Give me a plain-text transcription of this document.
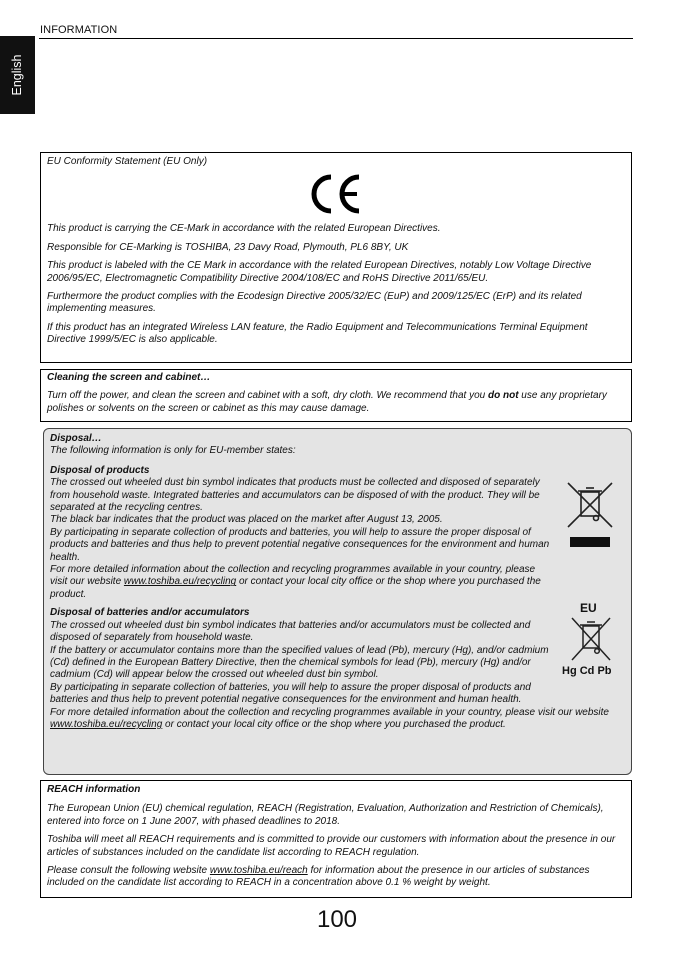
English
INFORMATION

EU Conformity Statement (EU Only)

This product is carrying the CE-Mark in accordance with the related European Directives.

Responsible for CE-Marking is TOSHIBA, 23 Davy Road, Plymouth, PL6 8BY, UK

This product is labeled with the CE Mark in accordance with the related European Directives, notably Low Voltage Directive 2006/95/EC, Electromagnetic Compatibility Directive 2004/108/EC and RoHS Directive 2011/65/EU.

Furthermore the product complies with the Ecodesign Directive 2005/32/EC (EuP) and 2009/125/EC (ErP) and its related implementing measures.

If this product has an integrated Wireless LAN feature, the Radio Equipment and Telecommunications Terminal Equipment Directive 1999/5/EC is also applicable.

Cleaning the screen and cabinet…

Turn off the power, and clean the screen and cabinet with a soft, dry cloth. We recommend that you do not use any proprietary polishes or solvents on the screen or cabinet as this may cause damage.

Disposal…

The following information is only for EU-member states:

Disposal of products

The crossed out wheeled dust bin symbol indicates that products must be collected and disposed of separately from household waste. Integrated batteries and accumulators can be disposed of with the product. They will be separated at the recycling centres.

The black bar indicates that the product was placed on the market after August 13, 2005.

By participating in separate collection of products and batteries, you will help to assure the proper disposal of products and batteries and thus help to prevent potential negative consequences for the environment and human health.

For more detailed information about the collection and recycling programmes available in your country, please visit our website www.toshiba.eu/recycling or contact your local city office or the shop where you purchased the product.

Disposal of batteries and/or accumulators

The crossed out wheeled dust bin symbol indicates that batteries and/or accumulators must be collected and disposed of separately from household waste.

If the battery or accumulator contains more than the specified values of lead (Pb), mercury (Hg), and/or cadmium (Cd) defined in the European Battery Directive, then the chemical symbols for lead (Pb), mercury (Hg) and/or cadmium (Cd) will appear below the crossed out wheeled dust bin symbol.

By participating in separate collection of batteries, you will help to assure the proper disposal of products and batteries and thus help to prevent potential negative consequences for the environment and human health.

For more detailed information about the collection and recycling programmes available in your country, please visit our website www.toshiba.eu/recycling or contact your local city office or the shop where you purchased the product.

EU
Hg Cd Pb

REACH information

The European Union (EU) chemical regulation, REACH (Registration, Evaluation, Authorization and Restriction of Chemicals), entered into force on 1 June 2007, with phased deadlines to 2018.

Toshiba will meet all REACH requirements and is committed to provide our customers with information about the presence in our articles of substances included on the candidate list according to REACH regulation.

Please consult the following website www.toshiba.eu/reach for information about the presence in our articles of substances included on the candidate list according to REACH in a concentration above 0.1 % weight by weight.

100
